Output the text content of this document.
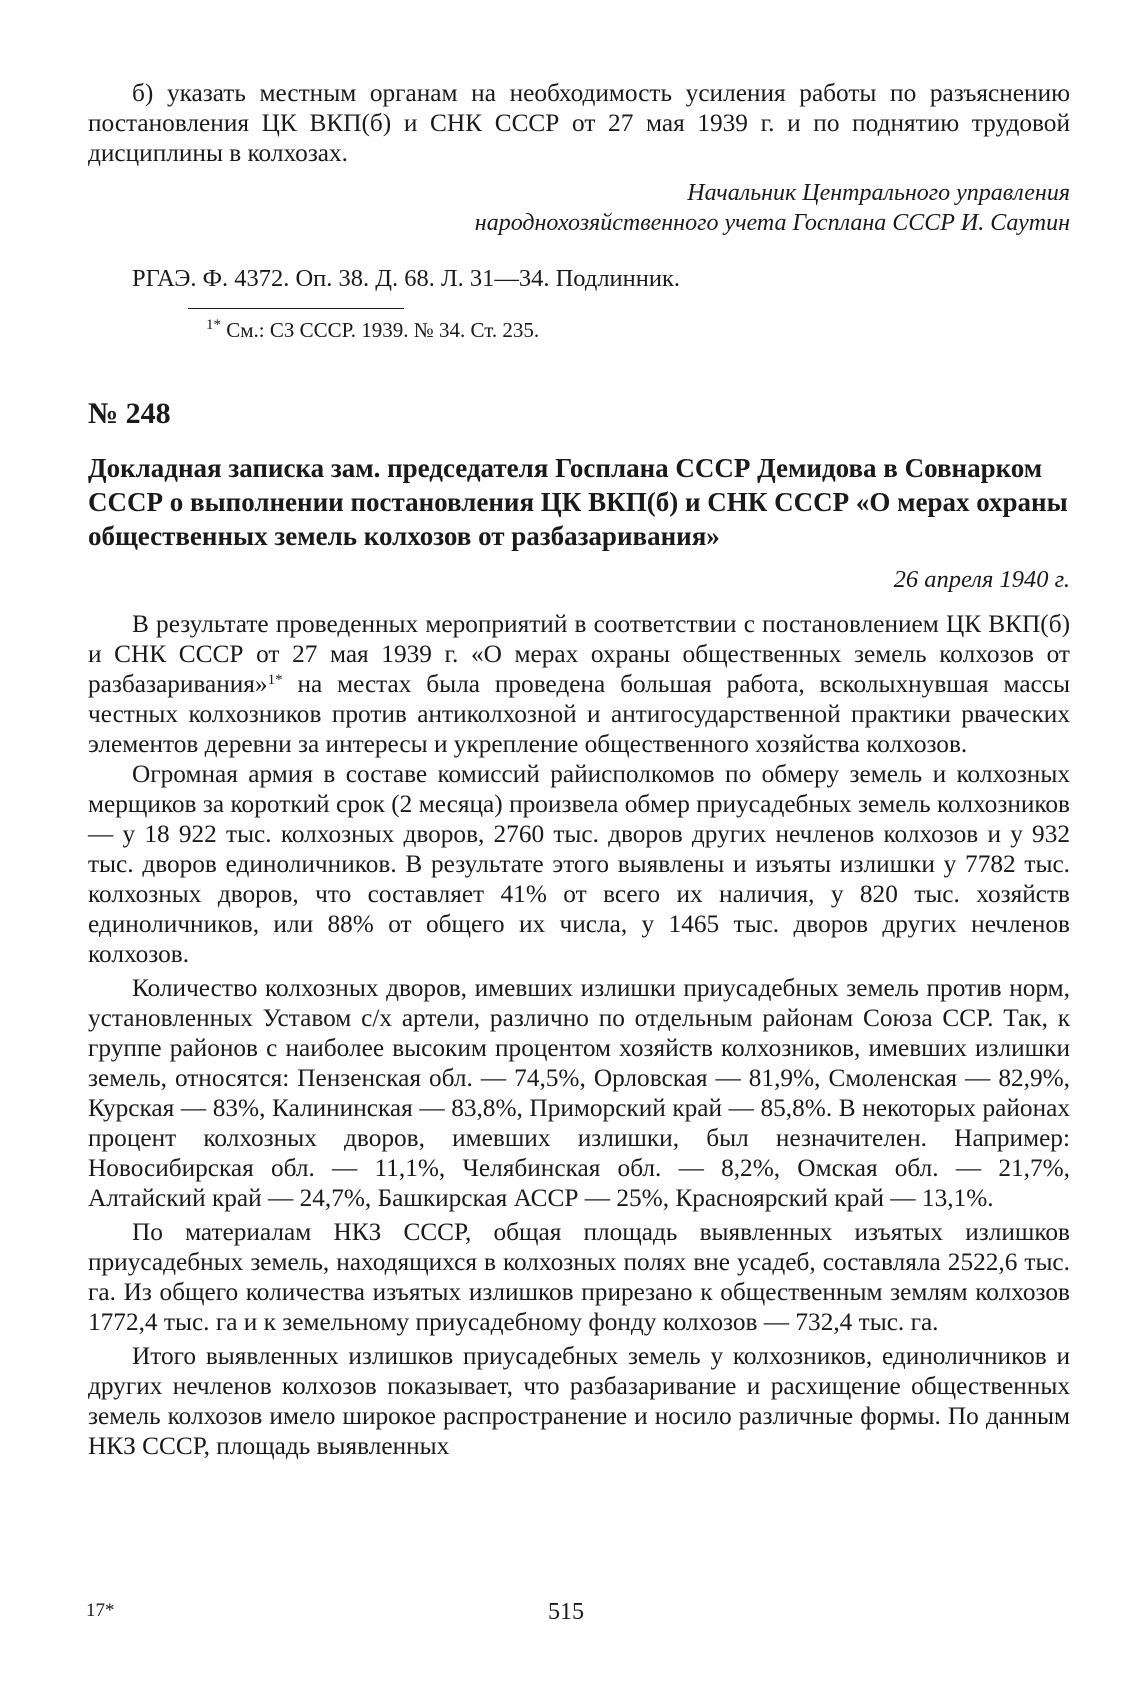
б) указать местным органам на необходимость усиления работы по разъяснению постановления ЦК ВКП(б) и СНК СССР от 27 мая 1939 г. и по поднятию трудовой дисциплины в колхозах.

Начальник Центрального управления
народнохозяйственного учета Госплана СССР И. Саутин

РГАЭ. Ф. 4372. Оп. 38. Д. 68. Л. 31—34. Подлинник.

$^{1*}$ См.: СЗ СССР. 1939. № 34. Ст. 235.

№ 248
Докладная записка зам. председателя Госплана СССР Демидова в Совнарком СССР о выполнении постановления ЦК ВКП(б) и СНК СССР «О мерах охраны общественных земель колхозов от разбазаривания»
26 апреля 1940 г.

В результате проведенных мероприятий в соответствии с постановлением ЦК ВКП(б) и СНК СССР от 27 мая 1939 г. «О мерах охраны общественных земель колхозов от разбазаривания»$^{1*}$ на местах была проведена большая работа, всколыхнувшая массы честных колхозников против антиколхозной и антигосударственной практики рваческих элементов деревни за интересы и укрепление общественного хозяйства колхозов.

Огромная армия в составе комиссий райисполкомов по обмеру земель и колхозных мерщиков за короткий срок (2 месяца) произвела обмер приусадебных земель колхозников — у 18 922 тыс. колхозных дворов, 2760 тыс. дворов других нечленов колхозов и у 932 тыс. дворов единоличников. В результате этого выявлены и изъяты излишки у 7782 тыс. колхозных дворов, что составляет 41% от всего их наличия, у 820 тыс. хозяйств единоличников, или 88% от общего их числа, у 1465 тыс. дворов других нечленов колхозов.

Количество колхозных дворов, имевших излишки приусадебных земель против норм, установленных Уставом с/х артели, различно по отдельным районам Союза ССР. Так, к группе районов с наиболее высоким процентом хозяйств колхозников, имевших излишки земель, относятся: Пензенская обл. — 74,5%, Орловская — 81,9%, Смоленская — 82,9%, Курская — 83%, Калининская — 83,8%, Приморский край — 85,8%. В некоторых районах процент колхозных дворов, имевших излишки, был незначителен. Например: Новосибирская обл. — 11,1%, Челябинская обл. — 8,2%, Омская обл. — 21,7%, Алтайский край — 24,7%, Башкирская АССР — 25%, Красноярский край — 13,1%.

По материалам НКЗ СССР, общая площадь выявленных изъятых излишков приусадебных земель, находящихся в колхозных полях вне усадеб, составляла 2522,6 тыс. га. Из общего количества изъятых излишков прирезано к общественным землям колхозов 1772,4 тыс. га и к земельному приусадебному фонду колхозов — 732,4 тыс. га.

Итого выявленных излишков приусадебных земель у колхозников, единоличников и других нечленов колхозов показывает, что разбазаривание и расхищение общественных земель колхозов имело широкое распространение и носило различные формы. По данным НКЗ СССР, площадь выявленных

17*	515
